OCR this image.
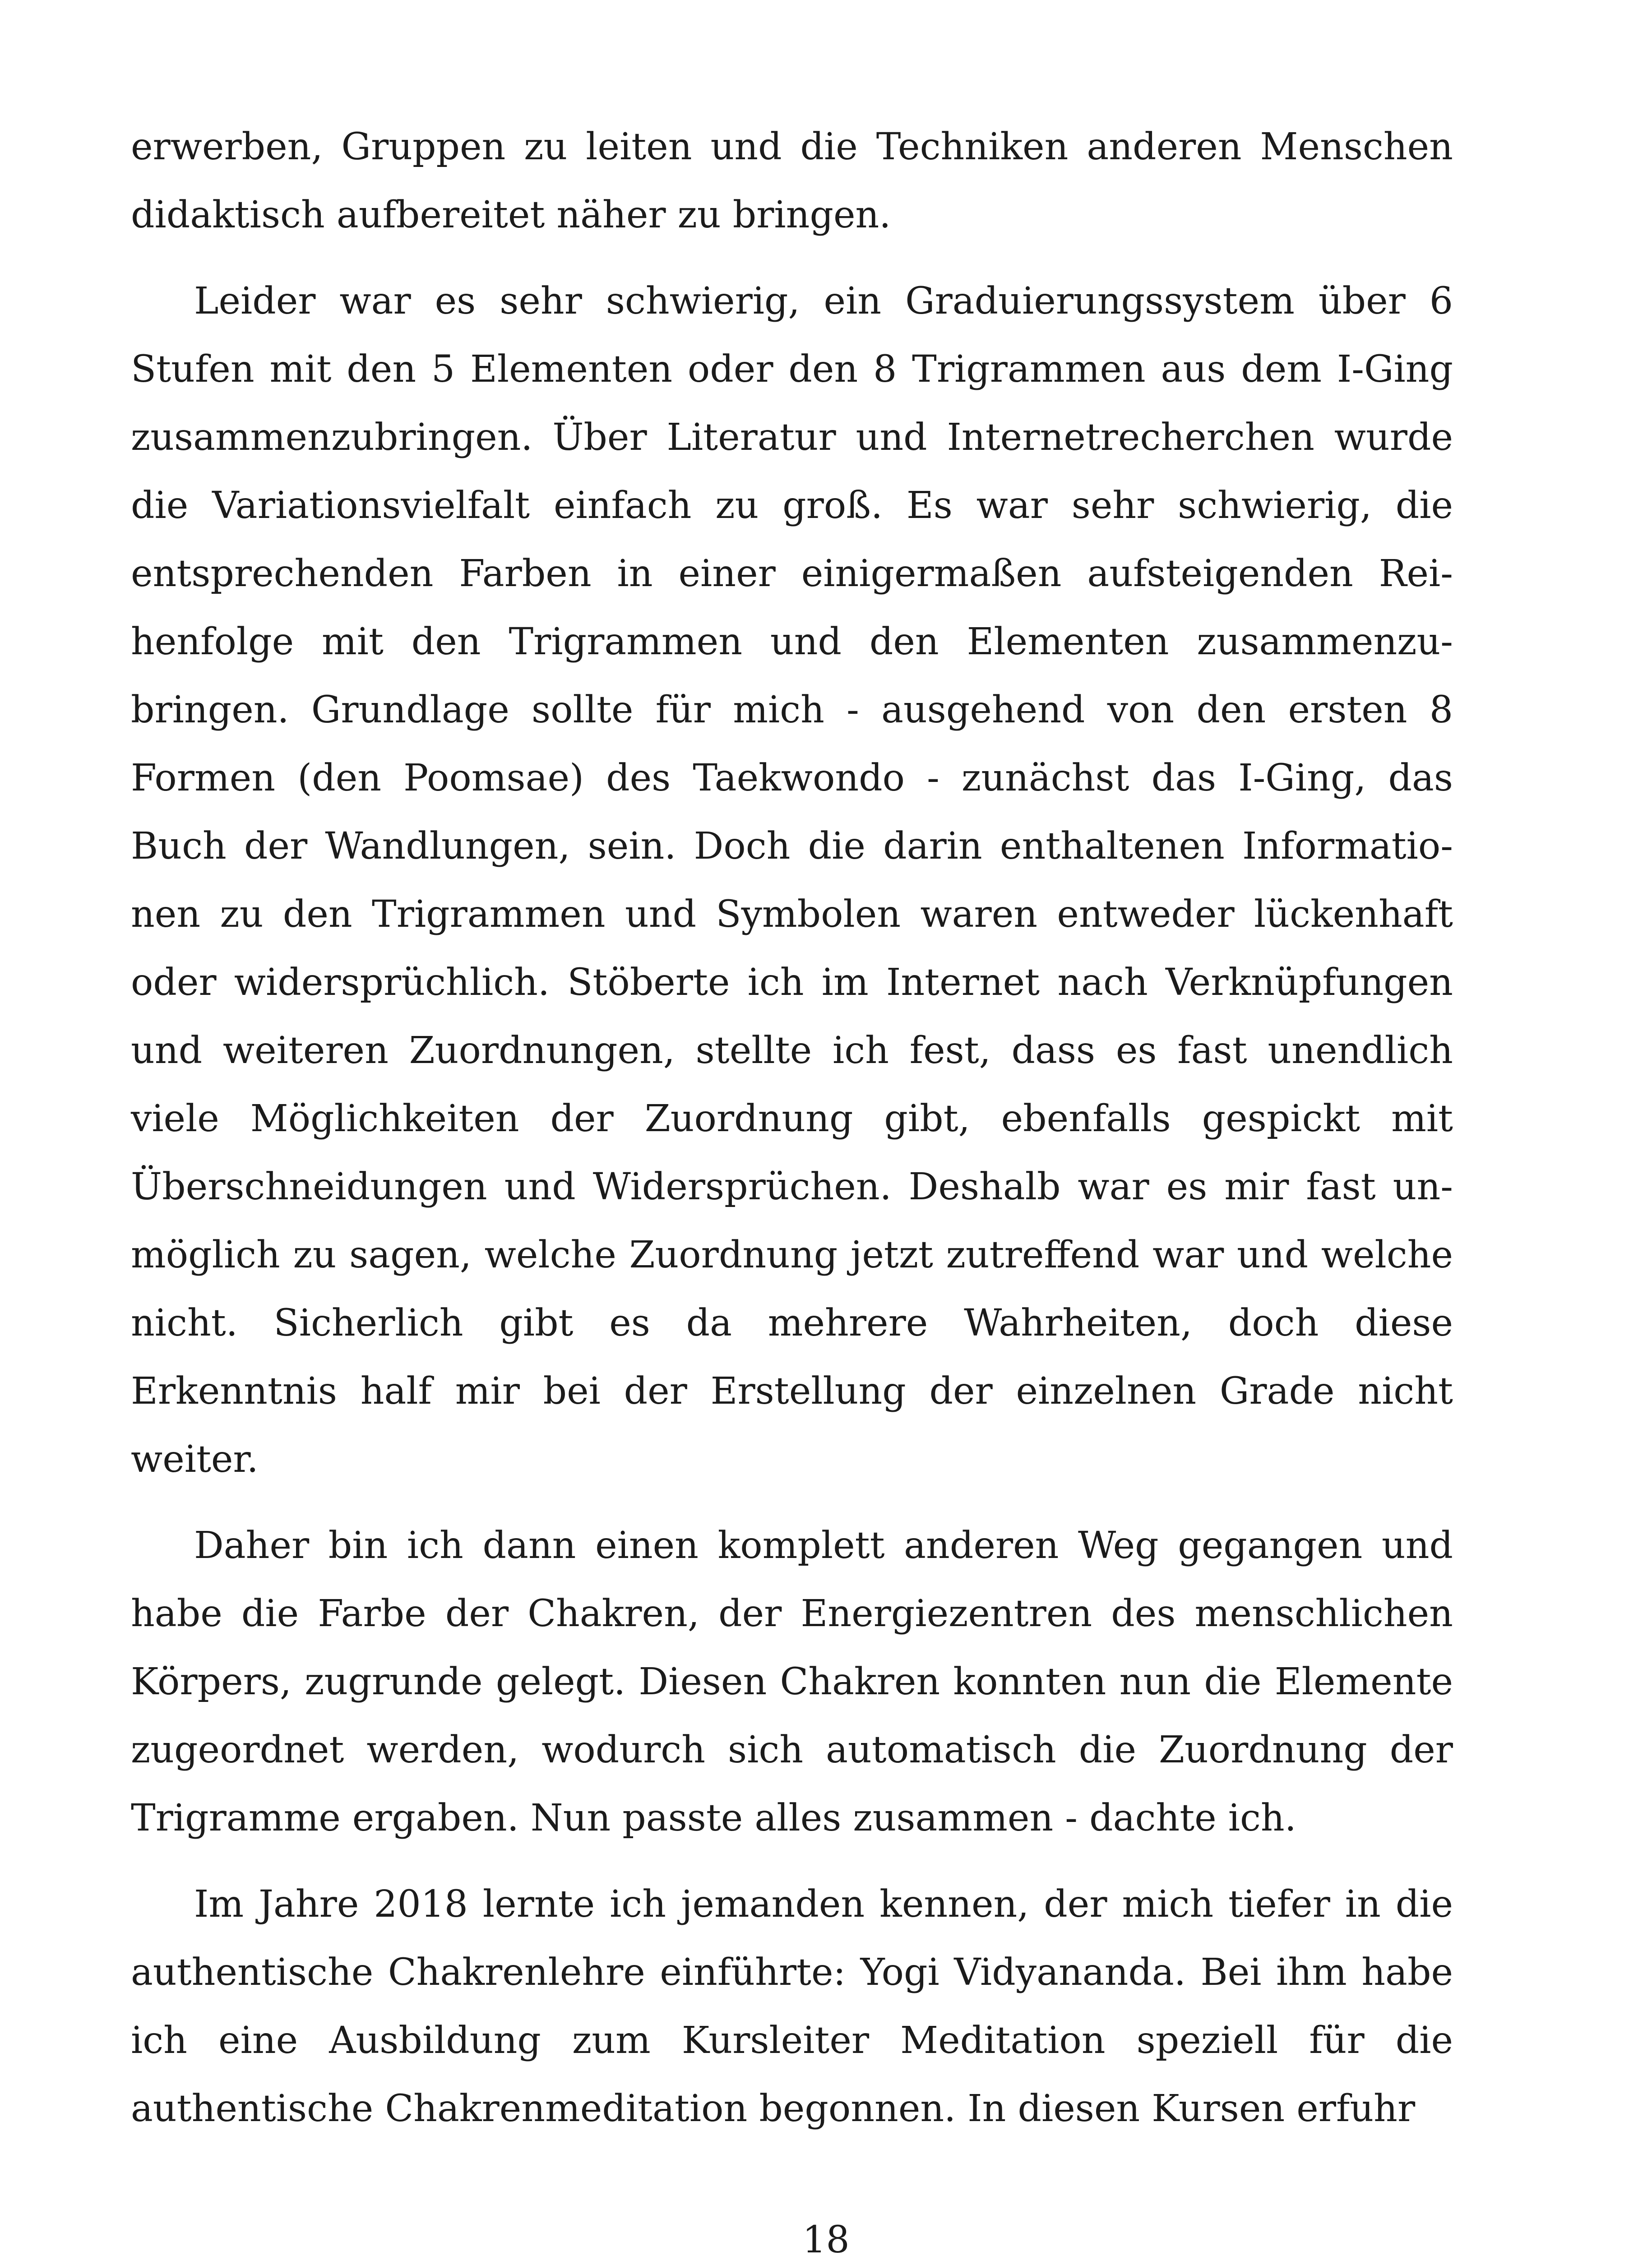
erwerben, Gruppen zu leiten und die Techniken anderen Menschen didaktisch aufbereitet näher zu bringen.

Leider war es sehr schwierig, ein Graduierungssystem über 6 Stufen mit den 5 Elementen oder den 8 Trigrammen aus dem I-Ging zusammenzubringen. Über Literatur und Internetrecherchen wurde die Variationsvielfalt einfach zu groß. Es war sehr schwierig, die entsprechenden Farben in einer einigermaßen aufsteigenden Reihenfolge mit den Trigrammen und den Elementen zusammenzubringen. Grundlage sollte für mich - ausgehend von den ersten 8 Formen (den Poomsae) des Taekwondo - zunächst das I-Ging, das Buch der Wandlungen, sein. Doch die darin enthaltenen Informationen zu den Trigrammen und Symbolen waren entweder lückenhaft oder widersprüchlich. Stöberte ich im Internet nach Verknüpfungen und weiteren Zuordnungen, stellte ich fest, dass es fast unendlich viele Möglichkeiten der Zuordnung gibt, ebenfalls gespickt mit Überschneidungen und Widersprüchen. Deshalb war es mir fast unmöglich zu sagen, welche Zuordnung jetzt zutreffend war und welche nicht. Sicherlich gibt es da mehrere Wahrheiten, doch diese Erkenntnis half mir bei der Erstellung der einzelnen Grade nicht weiter.

Daher bin ich dann einen komplett anderen Weg gegangen und habe die Farbe der Chakren, der Energiezentren des menschlichen Körpers, zugrunde gelegt. Diesen Chakren konnten nun die Elemente zugeordnet werden, wodurch sich automatisch die Zuordnung der Trigramme ergaben. Nun passte alles zusammen - dachte ich.

Im Jahre 2018 lernte ich jemanden kennen, der mich tiefer in die authentische Chakrenlehre einführte: Yogi Vidyananda. Bei ihm habe ich eine Ausbildung zum Kursleiter Meditation speziell für die authentische Chakrenmeditation begonnen. In diesen Kursen erfuhr

18
